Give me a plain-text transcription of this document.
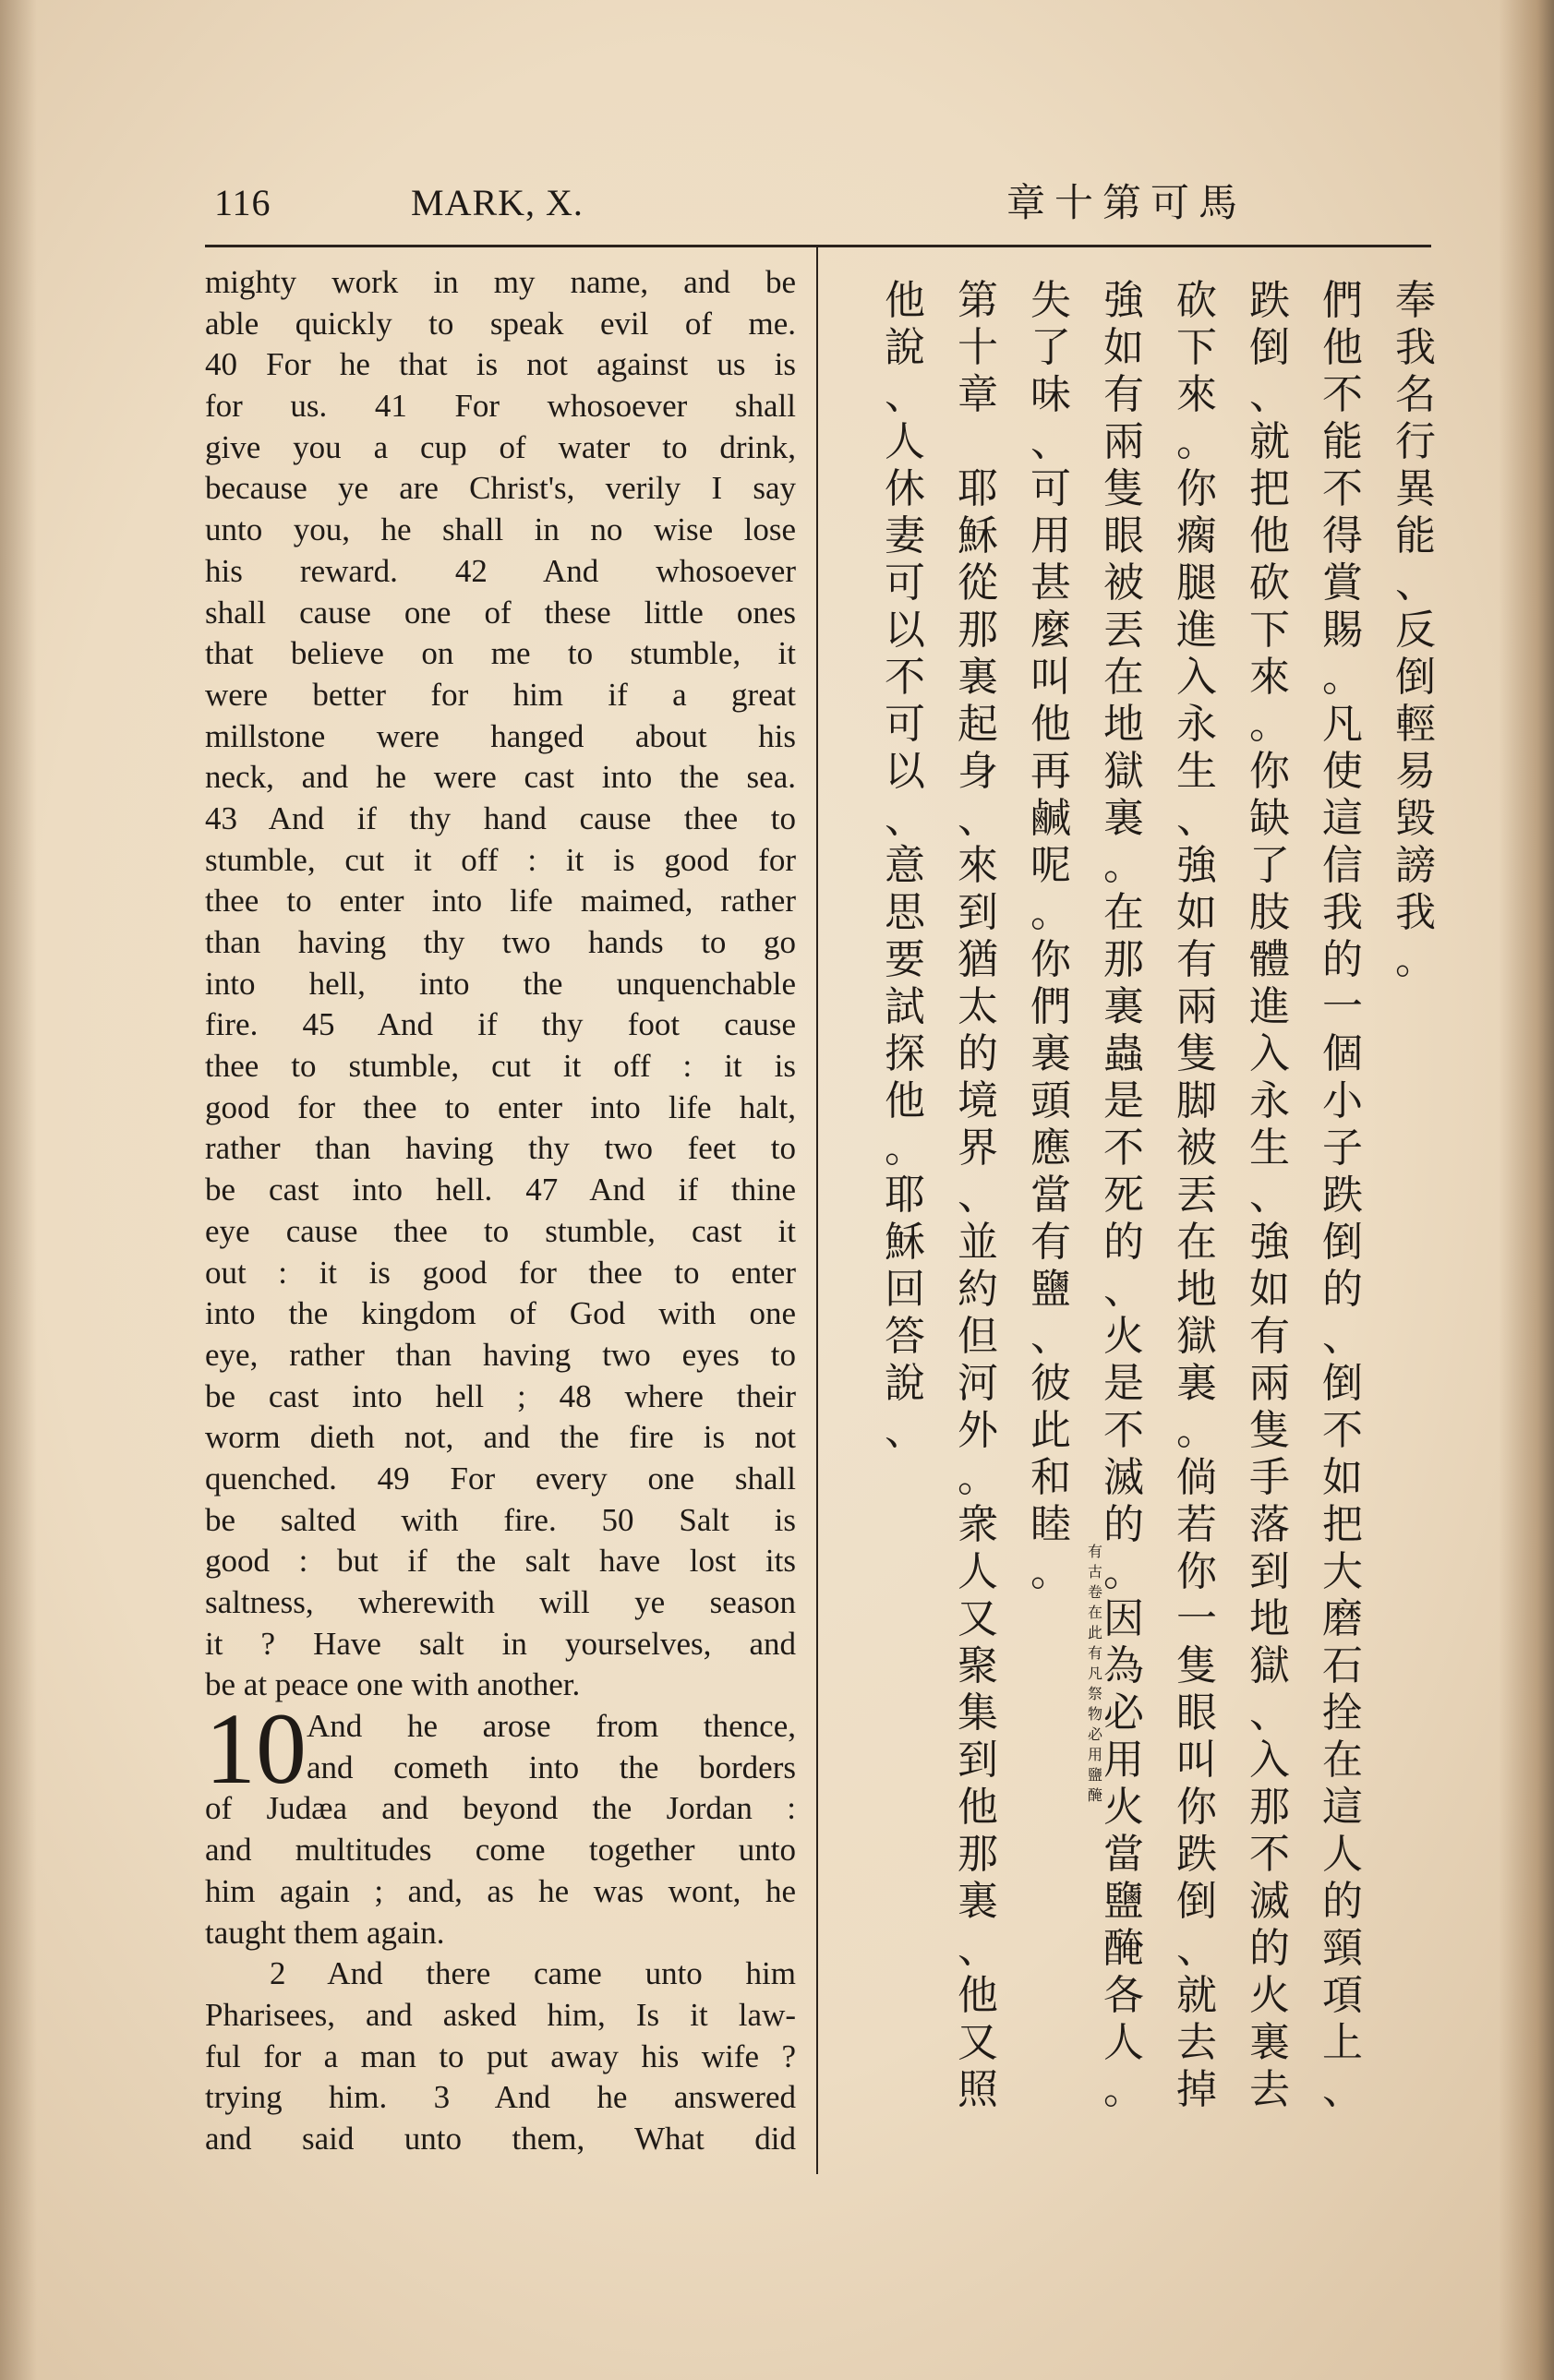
116	MARK, X.	章十第可馬
mighty work in my name, and be
able quickly to speak evil of me.
40 For he that is not against us is
for us. 41 For whosoever shall
give you a cup of water to drink,
because ye are Christ's, verily I say
unto you, he shall in no wise lose
his reward. 42 And whosoever
shall cause one of these little ones
that believe on me to stumble, it
were better for him if a great
millstone were hanged about his
neck, and he were cast into the sea.
43 And if thy hand cause thee to
stumble, cut it off : it is good for
thee to enter into life maimed, rather
than having thy two hands to go
into hell, into the unquenchable
fire. 45 And if thy foot cause
thee to stumble, cut it off : it is
good for thee to enter into life halt,
rather than having thy two feet to
be cast into hell. 47 And if thine
eye cause thee to stumble, cast it
out : it is good for thee to enter
into the kingdom of God with one
eye, rather than having two eyes to
be cast into hell ; 48 where their
worm dieth not, and the fire is not
quenched. 49 For every one shall
be salted with fire. 50 Salt is
good : but if the salt have lost its
saltness, wherewith will ye season
it ? Have salt in yourselves, and
be at peace one with another.
And he arose from thence,
and cometh into the borders
of Judæa and beyond the Jordan :
and multitudes come together unto
him again ; and, as he was wont, he
taught them again.
2 And there came unto him
Pharisees, and asked him, Is it law-
ful for a man to put away his wife ?
trying him. 3 And he answered
and said unto them, What did
10
奉
我
名
行
異
能
、
反
倒
輕
易
毀
謗
我
。
們
他
不
能
不
得
賞
賜
。
凡
使
這
信
我
的
一
個
小
子
跌
倒
的
、
倒
不
如
把
大
磨
石
拴
在
這
人
的
頸
項
上
、
跌
倒
、
就
把
他
砍
下
來
。
你
缺
了
肢
體
進
入
永
生
、
強
如
有
兩
隻
手
落
到
地
獄
、
入
那
不
滅
的
火
裏
去
砍
下
來
。
你
瘸
腿
進
入
永
生
、
強
如
有
兩
隻
脚
被
丟
在
地
獄
裏
。
倘
若
你
一
隻
眼
叫
你
跌
倒
、
就
去
掉
強
如
有
兩
隻
眼
被
丟
在
地
獄
裏
。
在
那
裏
蟲
是
不
死
的
、
火
是
不
滅
的
。
因
為
必
用
火
當
鹽
醃
各
人
。
失
了
味
、
可
用
甚
麼
叫
他
再
鹹
呢
。
你
們
裏
頭
應
當
有
鹽
、
彼
此
和
睦
。
第
十
章
耶
穌
從
那
裏
起
身
、
來
到
猶
太
的
境
界
、
並
約
但
河
外
。
衆
人
又
聚
集
到
他
那
裏
、
他
又
照
他
說
、
人
休
妻
可
以
不
可
以
、
意
思
要
試
探
他
。
耶
穌
回
答
說
、
有古卷在此有凡祭物必用鹽醃
